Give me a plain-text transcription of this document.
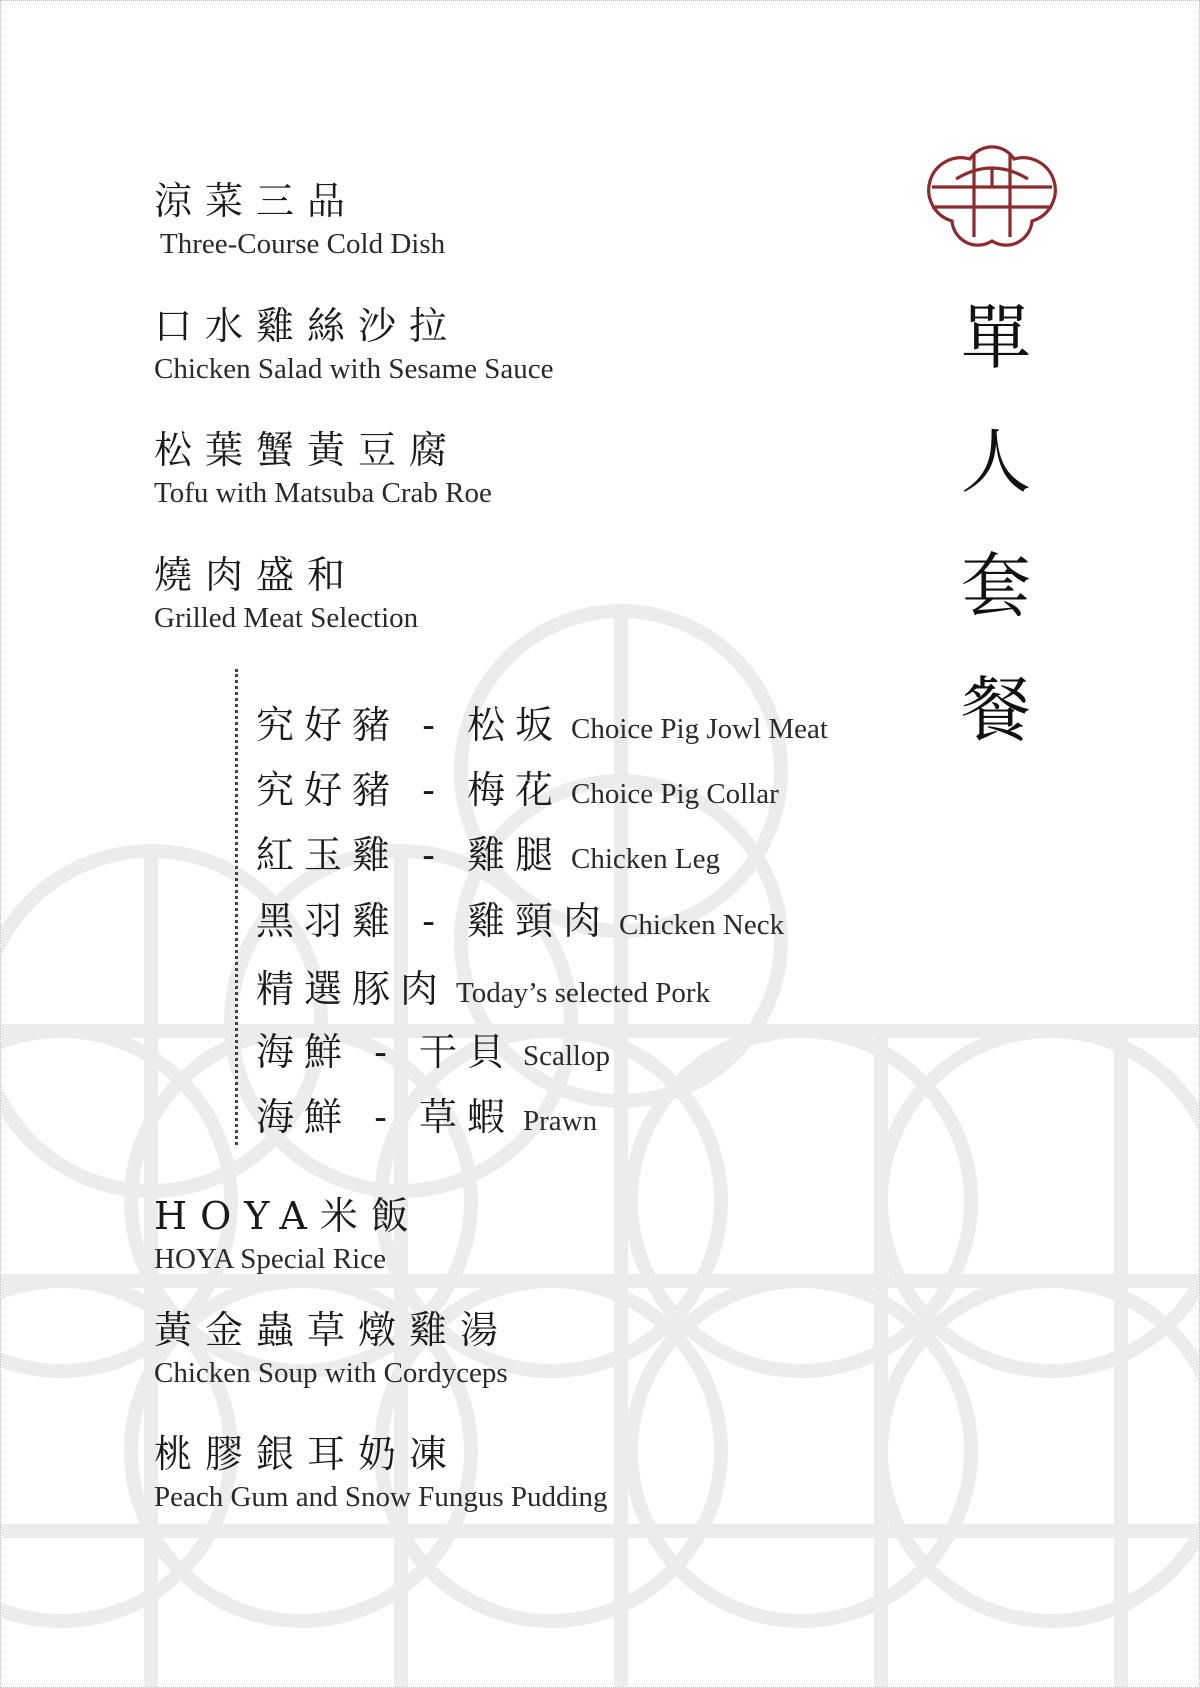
單
人
套
餐
涼菜三品
Three-Course Cold Dish
口水雞絲沙拉
Chicken Salad with Sesame Sauce
松葉蟹黃豆腐
Tofu with Matsuba Crab Roe
燒肉盛和
Grilled Meat Selection
究好豬 - 松坂 Choice Pig Jowl Meat
究好豬 - 梅花 Choice Pig Collar
紅玉雞 - 雞腿 Chicken Leg
黑羽雞 - 雞頸肉 Chicken Neck
精選豚肉 Today’s selected Pork
海鮮 - 干貝 Scallop
海鮮 - 草蝦 Prawn
HOYA米飯
HOYA Special Rice
黃金蟲草燉雞湯
Chicken Soup with Cordyceps
桃膠銀耳奶凍
Peach Gum and Snow Fungus Pudding
